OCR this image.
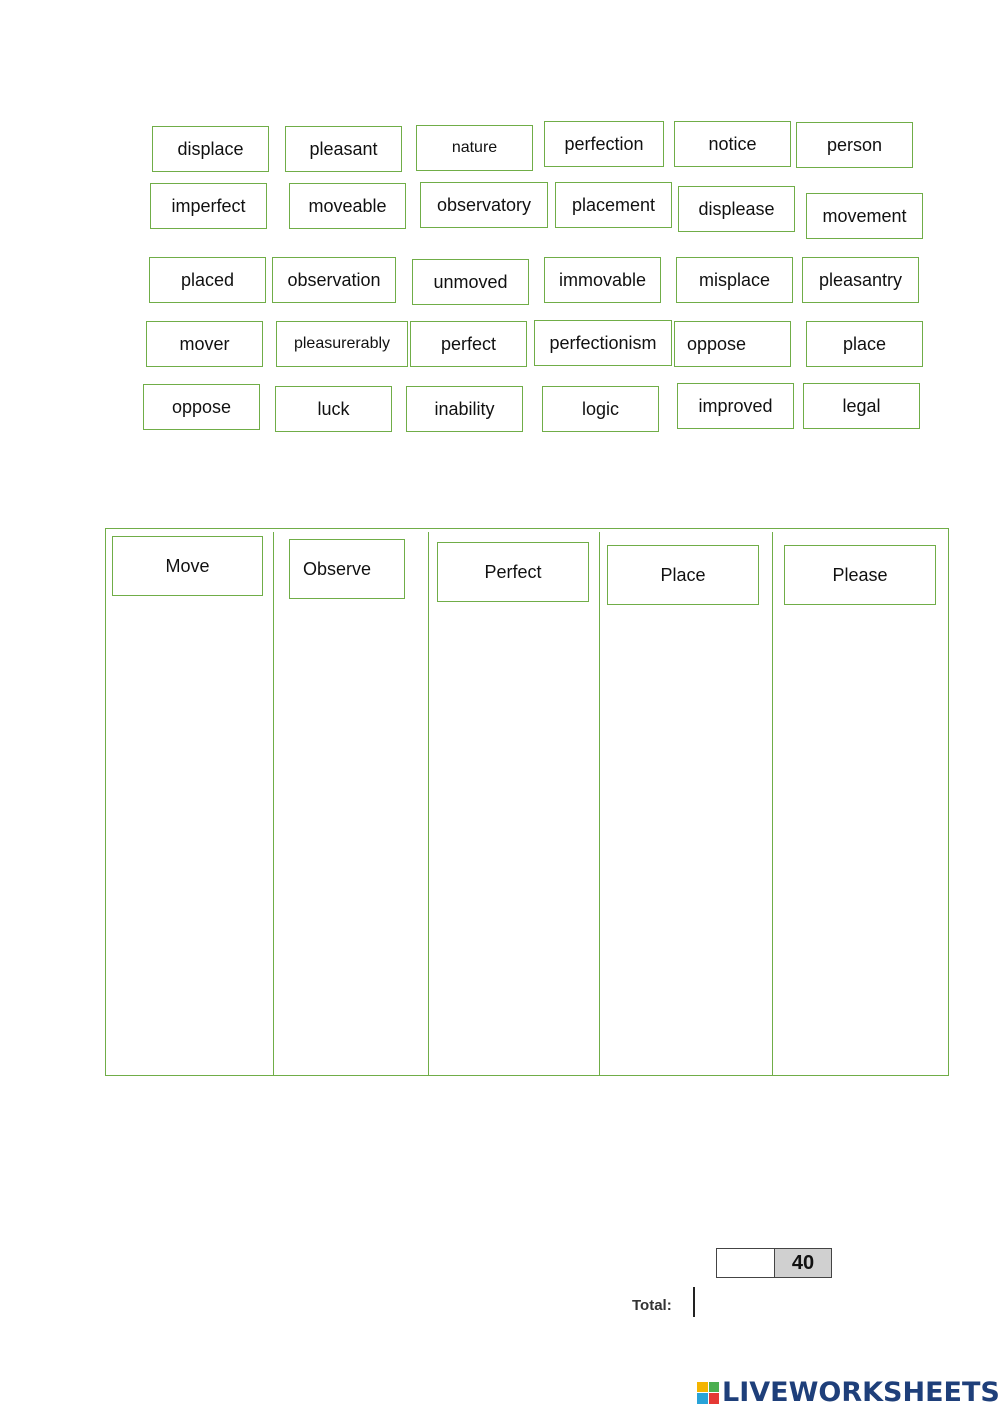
displace	pleasant	nature	perfection	notice	person
imperfect	moveable	observatory	placement	displease	movement
placed	observation	unmoved	immovable	misplace	pleasantry
mover	pleasurerably	perfect	perfectionism	oppose	place
oppose	luck	inability	logic	improved	legal
Move	Observe	Perfect	Place	Please
40
Total:
LIVEWORKSHEETS
